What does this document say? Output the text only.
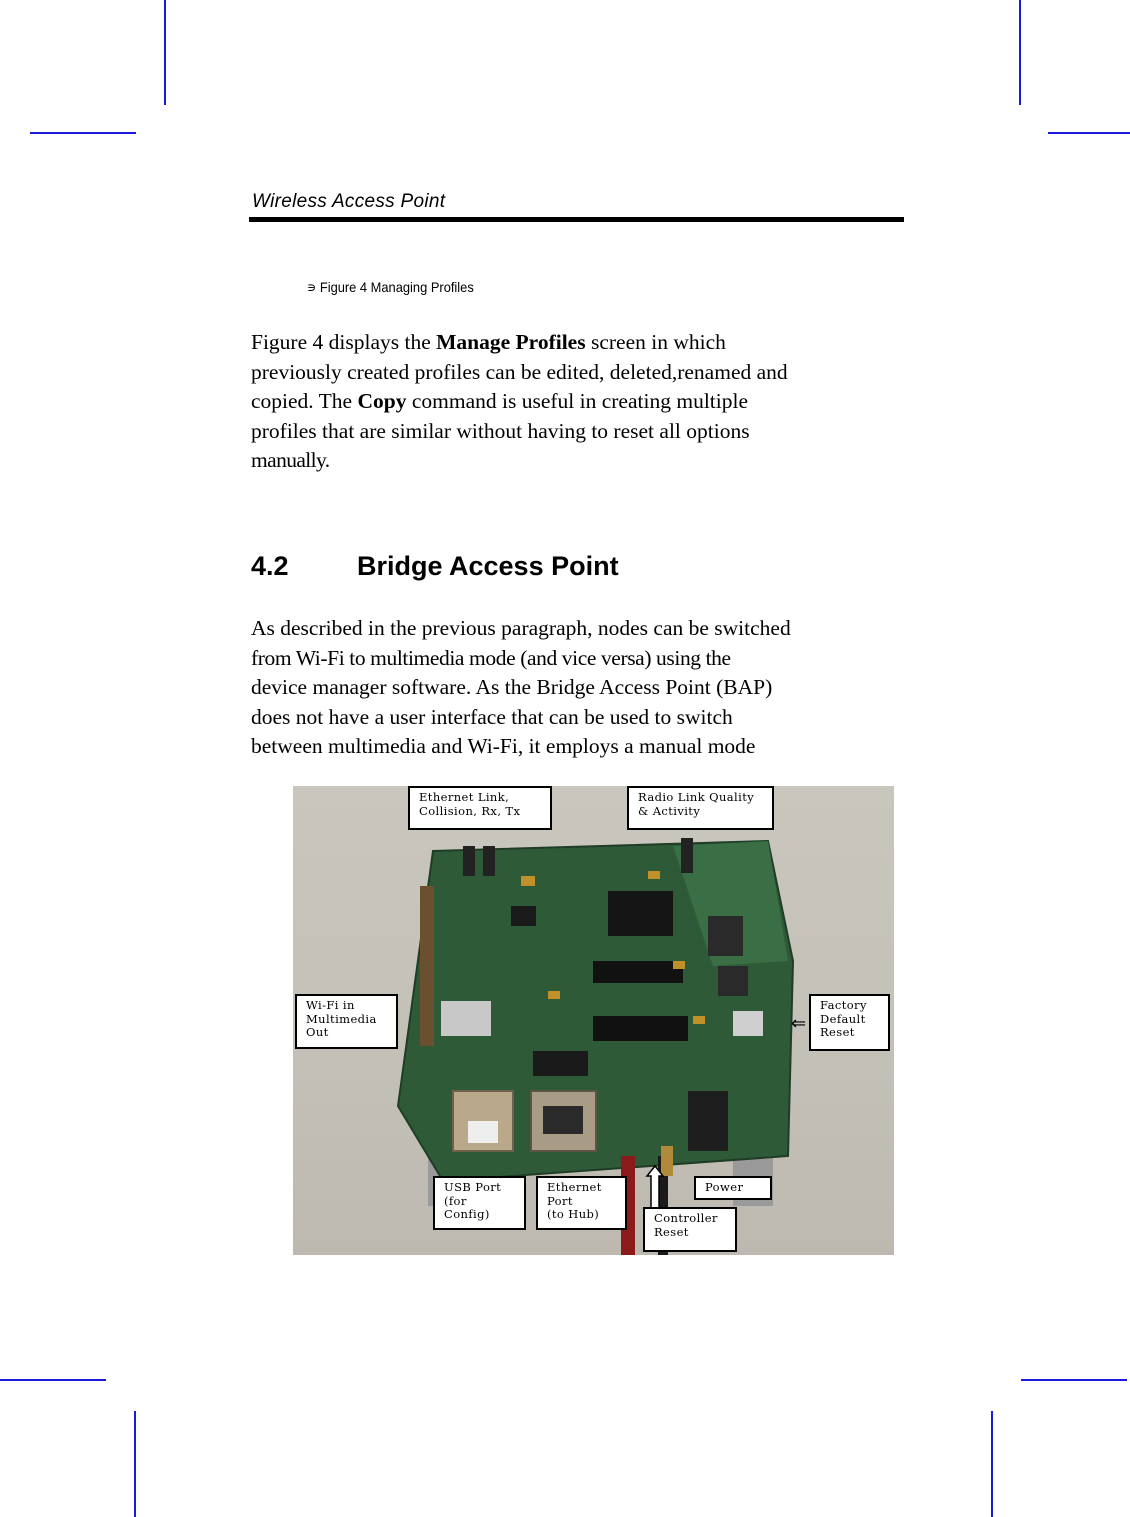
Wireless Access Point
∍ Figure 4 Managing Profiles
Figure 4 displays the Manage Profiles screen in which
previously created profiles can be edited, deleted,renamed and
copied. The Copy command is useful in creating multiple
profiles that are similar without having to reset all options
manually.
4.2	Bridge Access Point
As described in the previous paragraph, nodes can be switched
from Wi-Fi to multimedia mode (and vice versa) using the
device manager software. As the Bridge Access Point (BAP)
does not have a user interface that can be used to switch
between multimedia and Wi-Fi, it employs a manual mode
⇐
Ethernet Link,
Collision, Rx, Tx
Radio Link Quality
& Activity
Wi-Fi in
Multimedia
Out
Factory
Default
Reset
USB Port
(for
Config)
Ethernet
Port
(to Hub)
Power
Controller
Reset
